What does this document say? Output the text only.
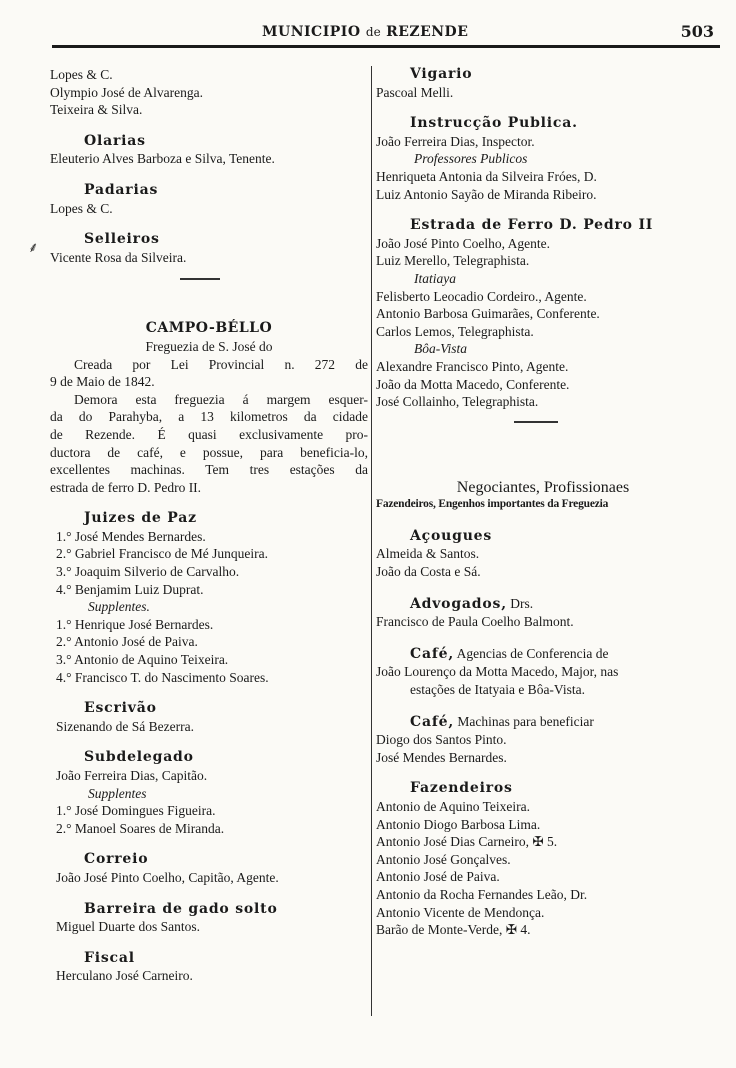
MUNICIPIO de REZENDE	503
⸙
Lopes & C.
Olympio José de Alvarenga.
Teixeira & Silva.
Olarias
Eleuterio Alves Barboza e Silva, Tenente.
Padarias
Lopes & C.
Selleiros
Vicente Rosa da Silveira.
CAMPO-BÉLLO
Freguezia de S. José do
Creada por Lei Provincial n. 272 de
9 de Maio de 1842.
Demora esta freguezia á margem esquer-
da do Parahyba, a 13 kilometros da cidade
de Rezende. É quasi exclusivamente pro-
ductora de café, e possue, para beneficia-lo,
excellentes machinas. Tem tres estações da
estrada de ferro D. Pedro II.
Juizes de Paz
1.° José Mendes Bernardes.
2.° Gabriel Francisco de Mé Junqueira.
3.° Joaquim Silverio de Carvalho.
4.° Benjamim Luiz Duprat.
Supplentes.
1.° Henrique José Bernardes.
2.° Antonio José de Paiva.
3.° Antonio de Aquino Teixeira.
4.° Francisco T. do Nascimento Soares.
Escrivão
Sizenando de Sá Bezerra.
Subdelegado
João Ferreira Dias, Capitão.
Supplentes
1.° José Domingues Figueira.
2.° Manoel Soares de Miranda.
Correio
João José Pinto Coelho, Capitão, Agente.
Barreira de gado solto
Miguel Duarte dos Santos.
Fiscal
Herculano José Carneiro.
Vigario
Pascoal Melli.
Instrucção Publica.
João Ferreira Dias, Inspector.
Professores Publicos
Henriqueta Antonia da Silveira Fróes, D.
Luiz Antonio Sayão de Miranda Ribeiro.
Estrada de Ferro D. Pedro II
João José Pinto Coelho, Agente.
Luiz Merello, Telegraphista.
Itatiaya
Felisberto Leocadio Cordeiro., Agente.
Antonio Barbosa Guimarães, Conferente.
Carlos Lemos, Telegraphista.
Bôa-Vista
Alexandre Francisco Pinto, Agente.
João da Motta Macedo, Conferente.
José Collainho, Telegraphista.
Negociantes, Profissionaes
Fazendeiros, Engenhos importantes da Freguezia
Açougues
Almeida & Santos.
João da Costa e Sá.
Advogados, Drs.
Francisco de Paula Coelho Balmont.
Café, Agencias de Conferencia de
João Lourenço da Motta Macedo, Major, nas
estações de Itatyaia e Bôa-Vista.
Café, Machinas para beneficiar
Diogo dos Santos Pinto.
José Mendes Bernardes.
Fazendeiros
Antonio de Aquino Teixeira.
Antonio Diogo Barbosa Lima.
Antonio José Dias Carneiro, ✠ 5.
Antonio José Gonçalves.
Antonio José de Paiva.
Antonio da Rocha Fernandes Leão, Dr.
Antonio Vicente de Mendonça.
Barão de Monte-Verde, ✠ 4.
